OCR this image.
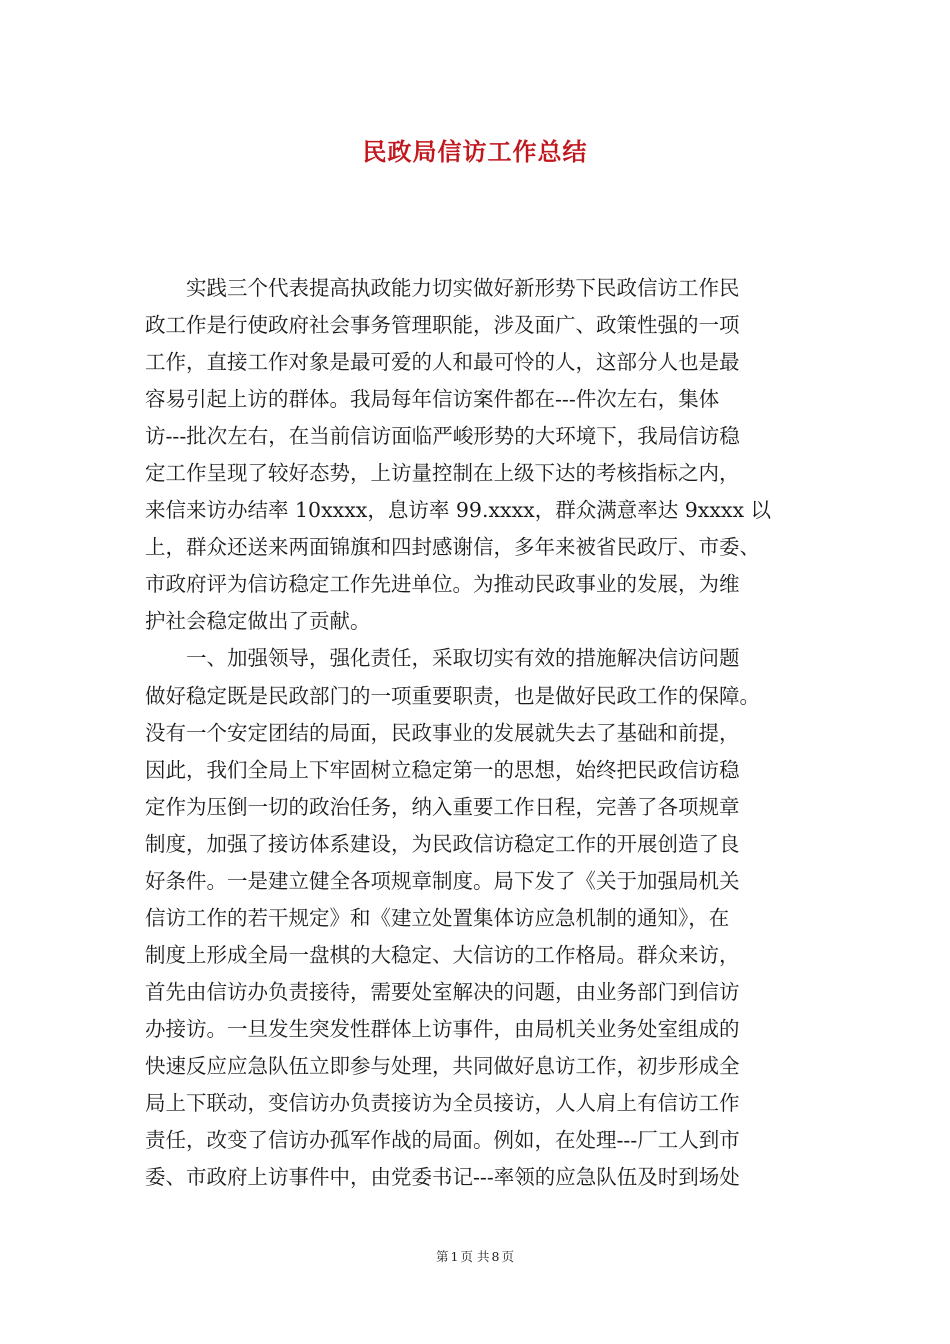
民政局信访工作总结
　　实践三个代表提高执政能力切实做好新形势下民政信访工作民
政工作是行使政府社会事务管理职能，涉及面广、政策性强的一项
工作，直接工作对象是最可爱的人和最可怜的人，这部分人也是最
容易引起上访的群体。我局每年信访案件都在---件次左右，集体
访---批次左右，在当前信访面临严峻形势的大环境下，我局信访稳
定工作呈现了较好态势，上访量控制在上级下达的考核指标之内，
来信来访办结率 10xxxx，息访率 99.xxxx，群众满意率达 9xxxx 以
上，群众还送来两面锦旗和四封感谢信，多年来被省民政厅、市委、
市政府评为信访稳定工作先进单位。为推动民政事业的发展，为维
护社会稳定做出了贡献。
　　一、加强领导，强化责任，采取切实有效的措施解决信访问题
做好稳定既是民政部门的一项重要职责，也是做好民政工作的保障。
没有一个安定团结的局面，民政事业的发展就失去了基础和前提，
因此，我们全局上下牢固树立稳定第一的思想，始终把民政信访稳
定作为压倒一切的政治任务，纳入重要工作日程，完善了各项规章
制度，加强了接访体系建设，为民政信访稳定工作的开展创造了良
好条件。一是建立健全各项规章制度。局下发了《关于加强局机关
信访工作的若干规定》和《建立处置集体访应急机制的通知》，在
制度上形成全局一盘棋的大稳定、大信访的工作格局。群众来访，
首先由信访办负责接待，需要处室解决的问题，由业务部门到信访
办接访。一旦发生突发性群体上访事件，由局机关业务处室组成的
快速反应应急队伍立即参与处理，共同做好息访工作，初步形成全
局上下联动，变信访办负责接访为全员接访，人人肩上有信访工作
责任，改变了信访办孤军作战的局面。例如，在处理---厂工人到市
委、市政府上访事件中，由党委书记---率领的应急队伍及时到场处
第 1 页 共 8 页
